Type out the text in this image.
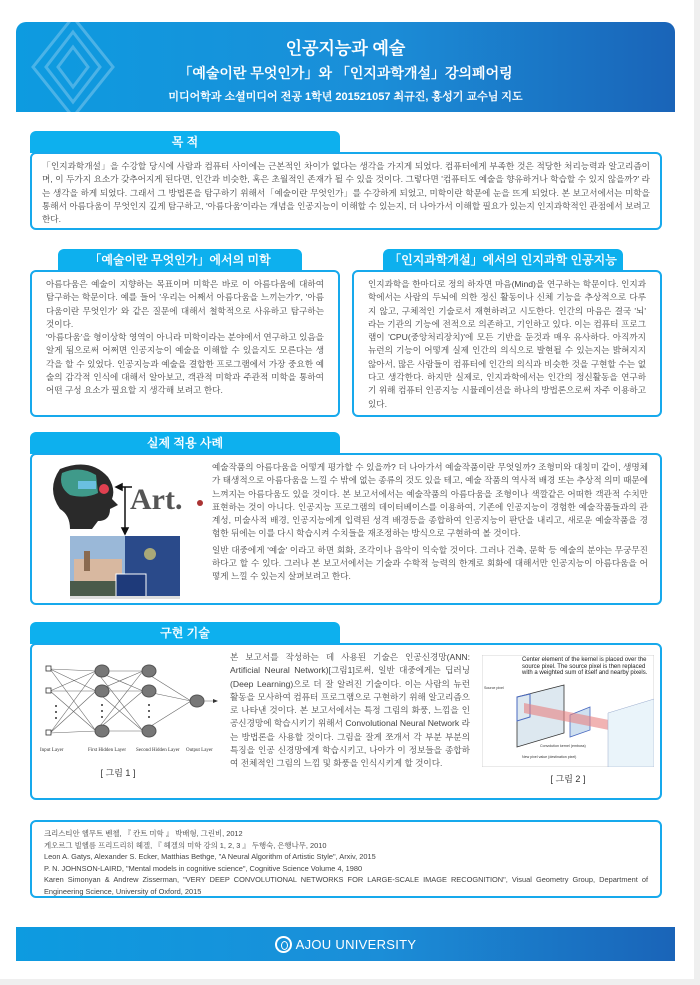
인공지능과 예술
「예술이란 무엇인가」와 「인지과학개설」강의페어링
미디어학과 소셜미디어 전공 1학년 201521057 최규진, 홍성기 교수님 지도
목 적

「인지과학개설」을 수강할 당시에 사람과 컴퓨터 사이에는 근본적인 차이가 없다는 생각을 가지게 되었다. 컴퓨터에게 부족한 것은 적당한 처리능력과 알고리즘이며, 이 두가지 요소가 갖추어지게 된다면, 인간과 비슷한, 혹은 초월적인 존재가 될 수 있을 것이다. 그렇다면 '컴퓨터도 예술을 향유하거나 학습할 수 있지 않을까?' 라는 생각을 하게 되었다. 그래서 그 방법론을 탐구하기 위해서「예술이란 무엇인가」를 수강하게 되었고, 미학이란 학문에 눈을 뜨게 되었다. 본 보고서에서는 미학을 통해서 아름다움이 무엇인지 깊게 탐구하고, '아름다움'이라는 개념을 인공지능이 이해할 수 있는지, 더 나아가서 이해할 필요가 있는지 인지과학적인 관점에서 보려고 한다.

「예술이란 무엇인가」에서의 미학

아름다움은 예술이 지향하는 목표이며 미학은 바로 이 아름다움에 대하여 탐구하는 학문이다. 예를 들어 '우리는 어째서 아름다움을 느끼는가?', '아름다움이란 무엇인가' 와 같은 질문에 대해서 철학적으로 사유하고 탐구하는 것이다.

'아름다움'을 형이상학 영역이 아니라 미학이라는 분야에서 연구하고 있음을 알게 됨으로써 어쩌면 인공지능이 예술을 이해할 수 있을지도 모른다는 생각을 할 수 있었다. 인공지능과 예술을 결합한 프로그램에서 가장 중요한 예술의 감각적 인식에 대해서 알아보고, 객관적 미학과 주관적 미학을 통하여 어떤 구성 요소가 필요할 지 생각해 보려고 한다.

「인지과학개설」에서의 인지과학 인공지능

인지과학을 한마디로 정의 하자면 마음(Mind)을 연구하는 학문이다. 인지과학에서는 사람의 두뇌에 의한 정신 활동이나 신체 기능을 추상적으로 다루지 않고, 구체적인 기술로서 재현하려고 시도한다. 인간의 마음은 결국 '뇌' 라는 기관의 기능에 전적으로 의존하고, 기인하고 있다. 이는 컴퓨터 프로그램이 'CPU(중앙처리장치)'에 모든 기반을 둔것과 매우 유사하다. 아직까지 뉴런의 기능이 어떻게 실제 인간의 의식으로 발현될 수 있는지는 밝혀지지 않아서, 많은 사람들이 컴퓨터에 인간의 의식과 비슷한 것을 구현할 수는 없다고 생각한다. 하지만 실제로, 인지과학에서는 인간의 정신활동을 연구하기 위해 컴퓨터 인공지능 시뮬레이션을 하나의 방법론으로써 자주 이용하고 있다.

실제 적용 사례
Art.

예술작품의 아름다움을 어떻게 평가할 수 있을까? 더 나아가서 예술작품이란 무엇일까? 조형미와 대칭미 같이, 생명체가 태생적으로 아름다움을 느낄 수 밖에 없는 종류의 것도 있을 테고, 예술 작품의 역사적 배경 또는 추상적 의미 때문에 느껴지는 아름다움도 있을 것이다. 본 보고서에서는 예술작품의 아름다움을 조형이나 색깔같은 어떠한 객관적 수치만 표현하는 것이 아니다. 인공지능 프로그램의 데이터베이스를 이용하여, 기존에 인공지능이 경험한 예술작품들과의 관계성, 미술사적 배경, 인공지능에게 입력된 성격 배경등을 종합하여 인공지능이 판단을 내리고, 새로운 예술작품을 경험한 뒤에는 이를 다시 학습시켜 수치들을 재조정하는 방식으로 구현하여 볼 것이다.

일반 대중에게 '예술' 이라고 하면 회화, 조각이나 음악이 익숙할 것이다. 그러나 건축, 문학 등 예술의 분야는 무궁무진하다고 할 수 있다. 그러나 본 보고서에서는 기술과 수학적 능력의 한계로 회화에 대해서만 인공지능이 아름다움을 어떻게 느낄 수 있는지 살펴보려고 한다.

구현 기술
Input Layer	First Hidden Layer Second Hidden Layer Output Layer
[ 그림 1 ]
본 보고서를 작성하는 데 사용된 기술은 인공신경망(ANN: Artificial Neural Network)[그림1]로써, 일반 대중에게는 딥러닝(Deep Learning)으로 더 잘 알려진 기술이다. 이는 사람의 뉴런 활동을 모사하여 컴퓨터 프로그램으로 구현하기 위해 알고리즘으로 나타낸 것이다. 본 보고서에서는 특정 그림의 화풍, 느낌을 인공신경망에 학습시키기 위해서 Convolutional Neural Network 라는 방법론을 사용할 것이다. 그림을 잘게 쪼개서 각 부분 부분의 특징을 인공 신경망에게 학습시키고, 나아가 이 정보들을 종합하여 전체적인 그림의 느낌 및 화풍을 인식시키게 할 것이다.
Source pixel
Convolution kernel (emboss)
New pixel value (destination pixel)
Center element of the kernel is placed over the source pixel. The source pixel is then replaced with a weighted sum of itself and nearby pixels.
[ 그림 2 ]
크리스티안 헬무트 벤첼, 『 칸트 미학 』 박배형, 그린비, 2012
게오르그 빌헬름 프리드리히 헤겔, 『 헤겔의 미학 강의 1, 2, 3 』 두행숙, 은행나무, 2010
Leon A. Gatys, Alexander S. Ecker, Matthias Bethge, "A Neural Algorithm of Artistic Style", Arxiv, 2015
P. N. JOHNSON-LAIRD, "Mental models in cognitive science", Cognitive Science Volume 4, 1980
Karen Simonyan & Andrew Zisserman, "VERY DEEP CONVOLUTIONAL NETWORKS FOR LARGE-SCALE IMAGE RECOGNITION", Visual Geometry Group, Department of Engineering Science, University of Oxford, 2015
AJOU UNIVERSITY
